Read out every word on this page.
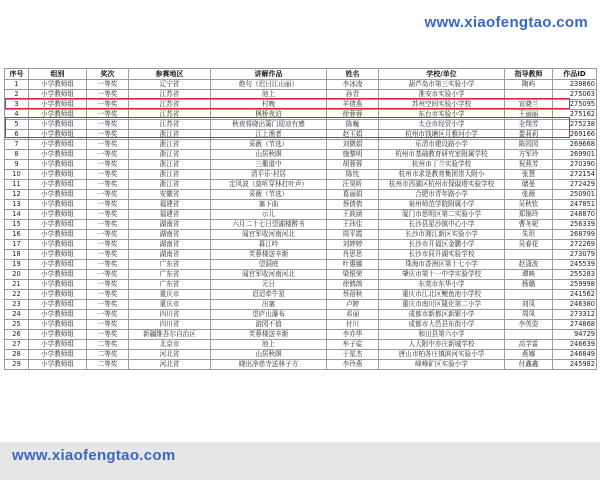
www.xiaofengtao.com
序号	组别	奖次	参赛地区	讲解作品	姓名	学校/单位	指导教师	作品ID
1	小学教师组	一等奖	辽宁省	绝句（迟日江山丽）	李冰凌	葫芦岛市第三实验小学	陶屿	239860
2	小学教师组	一等奖	江苏省	池上	孙青	淮安市实验小学		275063
3	小学教师组	一等奖	江苏省	村晚	羊倩燕	苏州空间实验小学校	宣晓兰	275095
4	小学教师组	一等奖	江苏省	枫桥夜泊	徐蓉蓉	东台市实验小学	王丽丽	275162
5	小学教师组	一等奖	江苏省	秋夜将晓出篱门迎凉有感	陈巍	太仓市经贸小学	全翔芳	275238
6	小学教师组	一等奖	浙江省	江上渔者	赵玉娟	杭州市钱塘区月雅河小学	娄莉莉	269166
7	小学教师组	一等奖	浙江省	采薇（节选）	刘微娟	乐清市建设路小学	陈园园	269668
8	小学教师组	一等奖	浙江省	山居秋暝	施黎明	杭州市基础教育研究室附属学校	方军玲	269901
9	小学教师组	一等奖	浙江省	三衢道中	胡蓉蓉	杭州市丁兰实验学校	祝燕芳	270390
10	小学教师组	一等奖	浙江省	清平乐·村居	陈忱	杭州市求是教育集团崇大附小	张慧	272154
11	小学教师组	一等奖	浙江省	定风波（莫听穿林打叶声）	汪昊昕	杭州市西湖区杭州市保俶塔实验学校	储曼	272429
12	小学教师组	一等奖	安徽省	采薇（节选）	葛丽娟	合肥市青年路小学	张薇	250901
13	小学教师组	一等奖	福建省	塞下曲	蔡倩倩	泉州师范学院附属小学	吴秋钦	247851
14	小学教师组	一等奖	福建省	示儿	王筱涵	厦门市思明区第二实验小学	郑锦玲	248870
15	小学教师组	一等奖	湖南省	六月二十七日望湖楼醉书	王玮佳	长沙县星沙镇中心小学	曹冬妮	256339
16	小学教师组	一等奖	湖南省	闻官军收河南河北	周平霞	长沙市湘江新区实验小学	朱坦	268799
17	小学教师组	一等奖	湖南省	暮江吟	刘婷婷	长沙市开福区金鹏小学	吴春花	272269
18	小学教师组	一等奖	湖南省	芙蓉楼送辛渐	肖思思	长沙市同升湖实验学校		273079
19	小学教师组	一等奖	广东省	望洞庭	叶惠娜	珠海市香洲区第十七小学	赵潇波	245539
20	小学教师组	一等奖	广东省	闻官军收河南河北	梁银荣	肇庆市第十一中学实验学校	谭映	255283
21	小学教师组	一等奖	广东省	元日	徐鹤鸽	东莞市东华小学	杨璐	259998
22	小学教师组	一等奖	重庆市	迢迢牵牛星	蔡蓓秋	重庆市江北区鲤鱼池小学校		241562
23	小学教师组	一等奖	重庆市	出塞	卢婷	重庆市南川区隆化第二小学	刘凤	246380
24	小学教师组	一等奖	四川省	望庐山瀑布	邓丽	成都市新都区新繁小学	周凤	273312
25	小学教师组	一等奖	四川省	游园不值	付川	成都市大邑县东街小学	李英姿	274868
26	小学教师组	一等奖	新疆维吾尔自治区	芙蓉楼送辛渐	李亦华	和田县第六小学		94729
27	小学教师组	二等奖	北京市	池上	牟子娑	人大附中亦庄新城学校	高学雷	246639
28	小学教师组	二等奖	河北省	山居秋暝	于星杰	唐山市柏各庄镇滨河实验小学	燕娜	246849
29	小学教师组	二等奖	河北省	晓出净慈寺送林子方	李玲燕	峰峰矿区实验小学	付鑫鑫	245982
www.xiaofengtao.com
